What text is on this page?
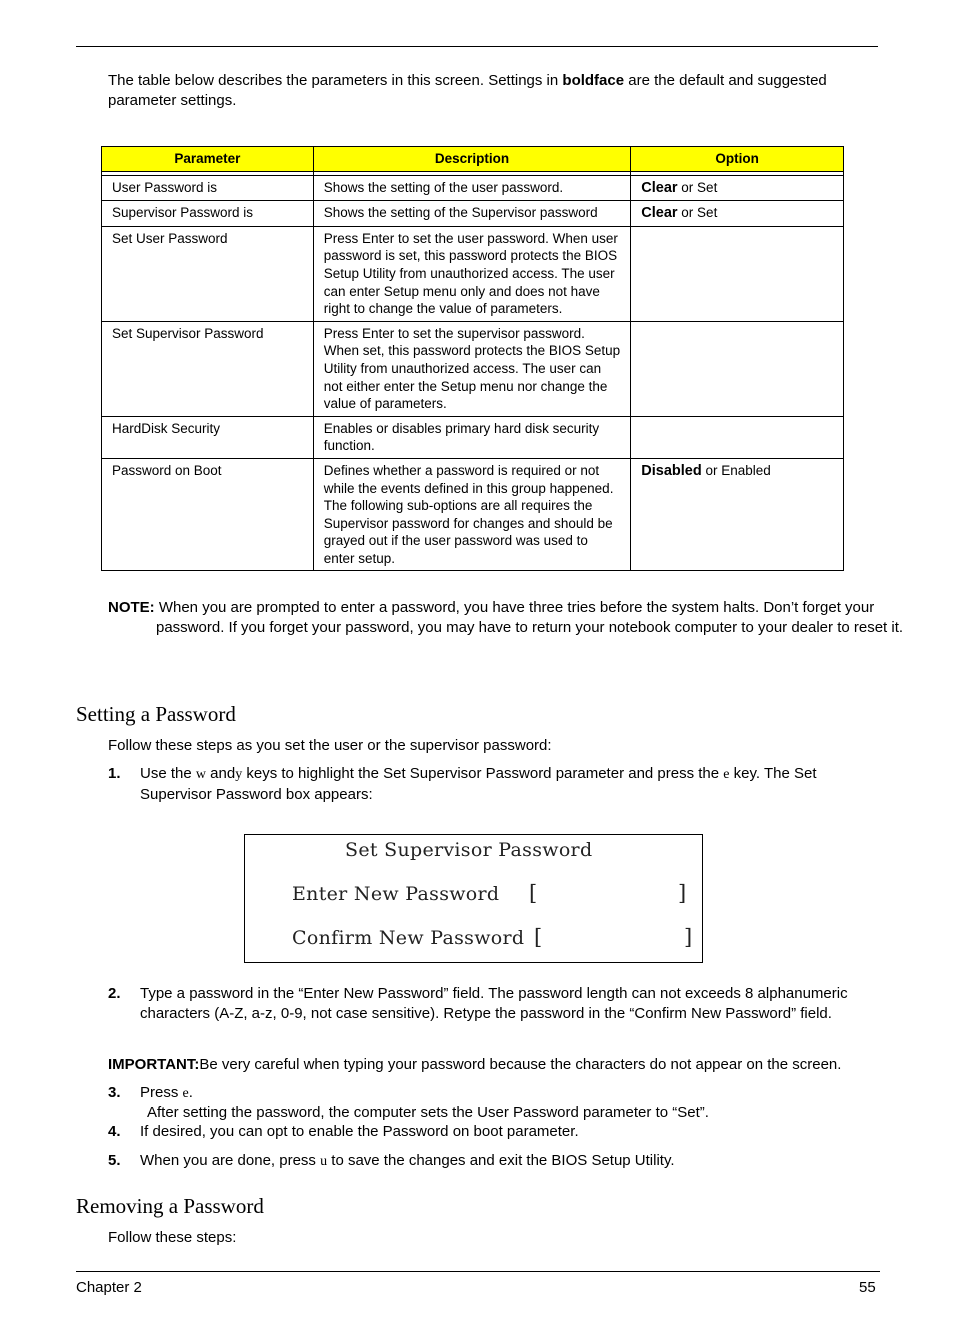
The table below describes the parameters in this screen. Settings in boldface are the default and suggested parameter settings.
Parameter	Description	Option

User Password is	Shows the setting of the user password.	Clear or Set
Supervisor Password is	Shows the setting of the Supervisor password	Clear or Set
Set User Password	Press Enter to set the user password. When user password is set, this password protects the BIOS Setup Utility from unauthorized access. The user can enter Setup menu only and does not have right to change the value of parameters.	
Set Supervisor Password	Press Enter to set the supervisor password. When set, this password protects the BIOS Setup Utility from unauthorized access. The user can not either enter the Setup menu nor change the value of parameters.	
HardDisk Security	Enables or disables primary hard disk security function.	
Password on Boot	Defines whether a password is required or not while the events defined in this group happened. The following sub-options are all requires the Supervisor password for changes and should be grayed out if the user password was used to enter setup.	Disabled or Enabled
NOTE: When you are prompted to enter a password, you have three tries before the system halts. Don’t forget your password. If you forget your password, you may have to return your notebook computer to your dealer to reset it.
Setting a Password
Follow these steps as you set the user or the supervisor password:
1. Use the w andy keys to highlight the Set Supervisor Password parameter and press the e key. The Set Supervisor Password box appears:
Set Supervisor Password
Enter New Password [	]
Confirm New Password [	]
2. Type a password in the “Enter New Password” field. The password length can not exceeds 8 alphanumeric characters (A-Z, a-z, 0-9, not case sensitive). Retype the password in the “Confirm New Password” field.
IMPORTANT:Be very careful when typing your password because the characters do not appear on the screen.
3. Press e.
After setting the password, the computer sets the User Password parameter to “Set”.
4. If desired, you can opt to enable the Password on boot parameter.
5. When you are done, press u to save the changes and exit the BIOS Setup Utility.
Removing a Password
Follow these steps:
Chapter 2	55
